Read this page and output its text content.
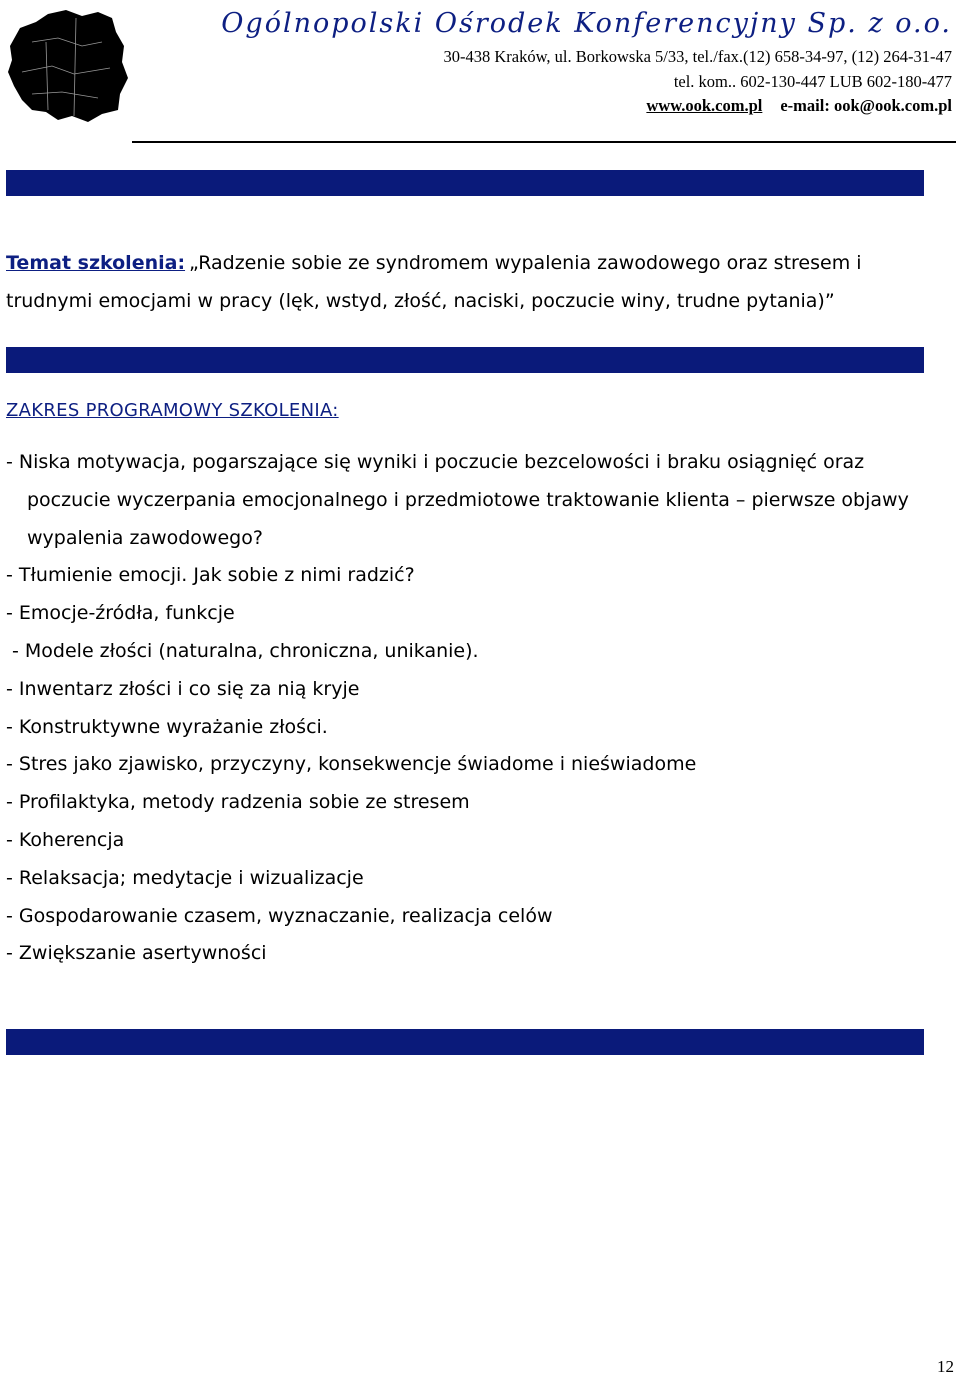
Ogólnopolski Ośrodek Konferencyjny Sp. z o.o.
30-438 Kraków, ul. Borkowska 5/33, tel./fax.(12) 658-34-97, (12) 264-31-47
tel. kom.. 602-130-447 LUB 602-180-477
www.ook.com.pl e-mail: ook@ook.com.pl
Temat szkolenia: „Radzenie sobie ze syndromem wypalenia zawodowego oraz stresem i trudnymi emocjami w pracy (lęk, wstyd, złość, naciski, poczucie winy, trudne pytania)”
ZAKRES PROGRAMOWY SZKOLENIA:
- Niska motywacja, pogarszające się wyniki i poczucie bezcelowości i braku osiągnięć oraz poczucie wyczerpania emocjonalnego i przedmiotowe traktowanie klienta – pierwsze objawy wypalenia zawodowego?
- Tłumienie emocji. Jak sobie z nimi radzić?
- Emocje-źródła, funkcje
- Modele złości (naturalna, chroniczna, unikanie).
- Inwentarz złości i co się za nią kryje
- Konstruktywne wyrażanie złości.
- Stres jako zjawisko, przyczyny, konsekwencje świadome i nieświadome
- Profilaktyka, metody radzenia sobie ze stresem
- Koherencja
- Relaksacja; medytacje i wizualizacje
- Gospodarowanie czasem, wyznaczanie, realizacja celów
- Zwiększanie asertywności
12
